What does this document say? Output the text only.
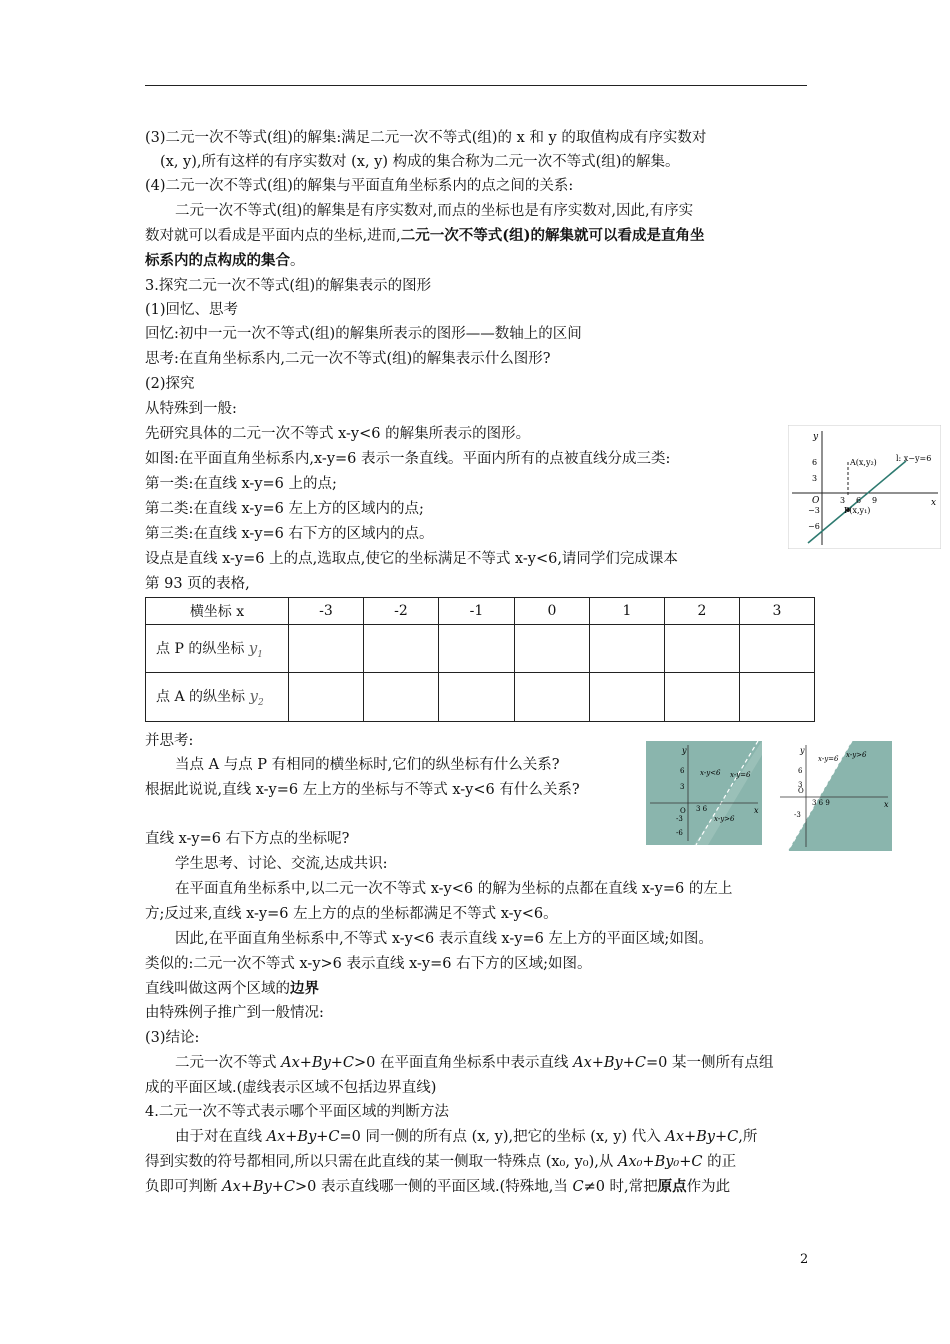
(3)二元一次不等式(组)的解集:满足二元一次不等式(组)的 x 和 y 的取值构成有序实数对
(x, y),所有这样的有序实数对 (x, y) 构成的集合称为二元一次不等式(组)的解集。
(4)二元一次不等式(组)的解集与平面直角坐标系内的点之间的关系:
二元一次不等式(组)的解集是有序实数对,而点的坐标也是有序实数对,因此,有序实
数对就可以看成是平面内点的坐标,进而,二元一次不等式(组)的解集就可以看成是直角坐
标系内的点构成的集合。
3.探究二元一次不等式(组)的解集表示的图形
(1)回忆、思考
回忆:初中一元一次不等式(组)的解集所表示的图形——数轴上的区间
思考:在直角坐标系内,二元一次不等式(组)的解集表示什么图形?
(2)探究
从特殊到一般:
先研究具体的二元一次不等式 x-y<6 的解集所表示的图形。
如图:在平面直角坐标系内,x-y=6 表示一条直线。平面内所有的点被直线分成三类:
第一类:在直线 x-y=6 上的点;
第二类:在直线 x-y=6 左上方的区域内的点;
第三类:在直线 x-y=6 右下方的区域内的点。
设点是直线 x-y=6 上的点,选取点,使它的坐标满足不等式 x-y<6,请同学们完成课本
第 93 页的表格,
y
x
O
A(x,y₂) l: x−y=6
P(x,y₁)
6
3
−3
−6
3 6 9
横坐标 x	-3	-2	-1	0	1	2	3
点 P 的纵坐标 $y_1$							
点 A 的纵坐标 $y_2$							
并思考:
当点 A 与点 P 有相同的横坐标时,它们的纵坐标有什么关系?
根据此说说,直线 x-y=6 左上方的坐标与不等式 x-y<6 有什么关系?
直线 x-y=6 右下方点的坐标呢?
学生思考、讨论、交流,达成共识:
在平面直角坐标系中,以二元一次不等式 x-y<6 的解为坐标的点都在直线 x-y=6 的左上
方;反过来,直线 x-y=6 左上方的点的坐标都满足不等式 x-y<6。
因此,在平面直角坐标系中,不等式 x-y<6 表示直线 x-y=6 左上方的平面区域;如图。
类似的:二元一次不等式 x-y>6 表示直线 x-y=6 右下方的区域;如图。
直线叫做这两个区域的边界
由特殊例子推广到一般情况:
(3)结论:
二元一次不等式 Ax+By+C>0 在平面直角坐标系中表示直线 Ax+By+C=0 某一侧所有点组
成的平面区域.(虚线表示区域不包括边界直线)
4.二元一次不等式表示哪个平面区域的判断方法
由于对在直线 Ax+By+C=0 同一侧的所有点 (x, y),把它的坐标 (x, y) 代入 Ax+By+C,所
得到实数的符号都相同,所以只需在此直线的某一侧取一特殊点 (x₀, y₀),从 Ax₀+By₀+C 的正
负即可判断 Ax+By+C>0 表示直线哪一侧的平面区域.(特殊地,当 C≠0 时,常把原点作为此
y
x
O
x-y<6 x-y=6
x-y>6
6
3
3 6
-3
-6
y
x
O
x-y=6 x-y>6
6
3
3 6 9
-3
2
